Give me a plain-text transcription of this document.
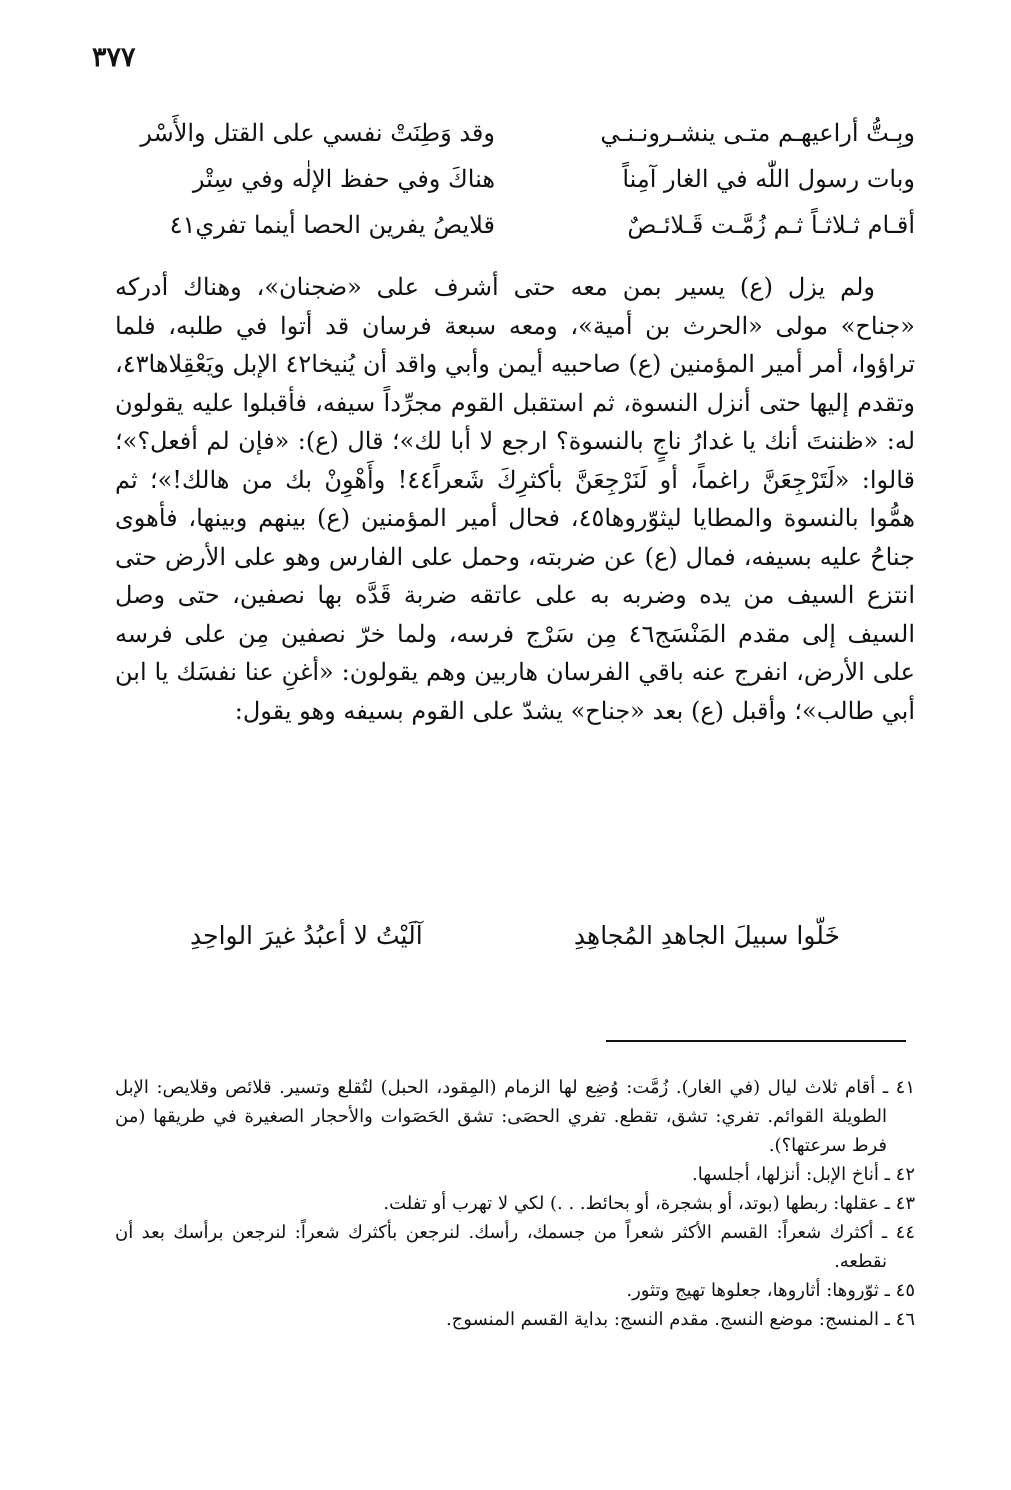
٣٧٧
وبِـتُّ أراعيهـم متـى ينشـرونـنـي
وقد وَطِنَتْ نفسي على القتل والأَسْر
وبات رسول اللّٰه في الغار آمِناً
هناكَ وفي حفظ الإلٰه وفي سِتْر
أقـام ثـلاثـاً ثـم زُمَّـت قَـلائـصٌ
قلايصُ يفرين الحصا أينما تفري٤١
ولم يزل (ع) يسير بمن معه حتى أشرف على «ضجنان»، وهناك أدركه «جناح» مولى «الحرث بن أمية»، ومعه سبعة فرسان قد أتوا في طلبه، فلما تراؤوا، أمر أمير المؤمنين (ع) صاحبيه أيمن وأبي واقد أن يُنيخا٤٢ الإبل ويَعْقِلاها٤٣، وتقدم إليها حتى أنزل النسوة، ثم استقبل القوم مجرِّداً سيفه، فأقبلوا عليه يقولون له: «ظننتَ أنك يا غدارُ ناجٍ بالنسوة؟ ارجع لا أبا لك»؛ قال (ع): «فإن لم أفعل؟»؛ قالوا: «لَتَرْجِعَنَّ راغماً، أو لَنَرْجِعَنَّ بأكثرِكَ شَعراً٤٤! وأَهْوِنْ بك من هالك!»؛ ثم همُّوا بالنسوة والمطايا ليثوّروها٤٥، فحال أمير المؤمنين (ع) بينهم وبينها، فأهوى جناحُ عليه بسيفه، فمال (ع) عن ضربته، وحمل على الفارس وهو على الأرض حتى انتزع السيف من يده وضربه به على عاتقه ضربة قَدَّه بها نصفين، حتى وصل السيف إلى مقدم المَنْسَج٤٦ مِن سَرْج فرسه، ولما خرّ نصفين مِن على فرسه على الأرض، انفرج عنه باقي الفرسان هاربين وهم يقولون: «أغنِ عنا نفسَك يا ابن أبي طالب»؛ وأقبل (ع) بعد «جناح» يشدّ على القوم بسيفه وهو يقول:
خَلّوا سبيلَ الجاهدِ المُجاهِدِ
آلَيْتُ لا أعبُدُ غيرَ الواحِدِ
٤١ ـ أقام ثلاث ليال (في الغار). زُمَّت: وُضِع لها الزمام (المِقود، الحبل) لتُقلع وتسير. قلائص وقلايص: الإبل الطويلة القوائم. تفري: تشق، تقطع. تفري الحصَى: تشق الحَصَوات والأحجار الصغيرة في طريقها (من فرط سرعتها؟).
٤٢ ـ أناخ الإبل: أنزلها، أجلسها.
٤٣ ـ عقلها: ربطها (بوتد، أو بشجرة، أو بحائط. . .) لكي لا تهرب أو تفلت.
٤٤ ـ أكثرك شعراً: القسم الأكثر شعراً من جسمك، رأسك. لنرجعن بأكثرك شعراً: لنرجعن برأسك بعد أن نقطعه.
٤٥ ـ ثوّروها: أثاروها، جعلوها تهيج وتثور.
٤٦ ـ المنسج: موضع النسج. مقدم النسج: بداية القسم المنسوج.
